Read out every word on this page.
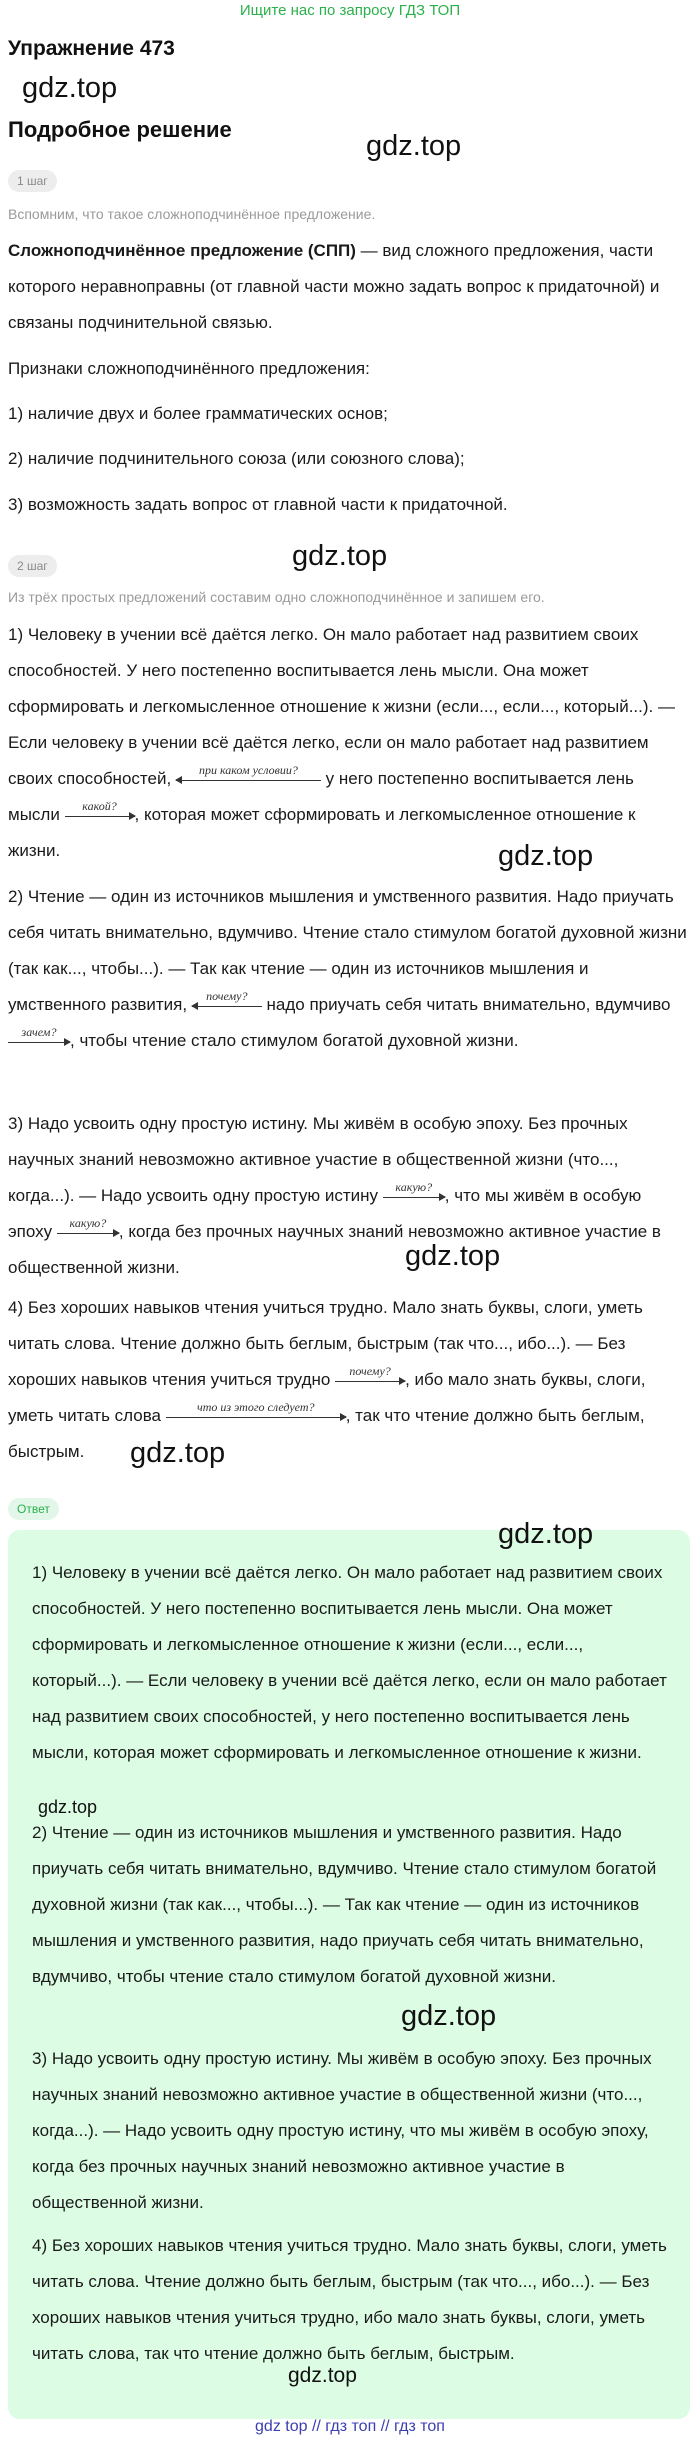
Ищите нас по запросу ГДЗ ТОП
Упражнение 473
gdz.top
Подробное решение
gdz.top
1 шаг
Вспомним, что такое сложноподчинённое предложение.
Сложноподчинённое предложение (СПП) — вид сложного предложения, части которого неравноправны (от главной части можно задать вопрос к придаточной) и связаны подчинительной связью.
Признаки сложноподчинённого предложения:
1) наличие двух и более грамматических основ;
2) наличие подчинительного союза (или союзного слова);
3) возможность задать вопрос от главной части к придаточной.
2 шаг	gdz.top
Из трёх простых предложений составим одно сложноподчинённое и запишем его.
1) Человеку в учении всё даётся легко. Он мало работает над развитием своих способностей. У него постепенно воспитывается лень мысли. Она может сформировать и легкомысленное отношение к жизни (если..., если..., который...). — Если человеку в учении всё даётся легко, если он мало работает над развитием своих способностей,	при каком условии?	у него постепенно воспитывается лень мысли	какой?	, которая может сформировать и легкомысленное отношение к жизни.	gdz.top
2) Чтение — один из источников мышления и умственного развития. Надо приучать себя читать внимательно, вдумчиво. Чтение стало стимулом богатой духовной жизни (так как..., чтобы...). — Так как чтение — один из источников мышления и умственного развития,	почему? надо приучать себя читать внимательно, вдумчиво
зачем? , чтобы чтение стало стимулом богатой духовной жизни.
3) Надо усвоить одну простую истину. Мы живём в особую эпоху. Без прочных научных знаний невозможно активное участие в общественной жизни (что..., когда...). — Надо усвоить одну простую истину	какую? , что мы живём в особую эпоху	какую? , когда без прочных научных знаний невозможно активное участие в общественной жизни.	gdz.top
4) Без хороших навыков чтения учиться трудно. Мало знать буквы, слоги, уметь читать слова. Чтение должно быть беглым, быстрым (так что..., ибо...). — Без хороших навыков чтения учиться трудно	почему? , ибо мало знать буквы, слоги, уметь читать слова	что из этого следует?	, так что чтение должно быть беглым, быстрым.	gdz.top
Ответ
gdz.top
1) Человеку в учении всё даётся легко. Он мало работает над развитием своих способностей. У него постепенно воспитывается лень мысли. Она может сформировать и легкомысленное отношение к жизни (если..., если..., который...). — Если человеку в учении всё даётся легко, если он мало работает над развитием своих способностей, у него постепенно воспитывается лень мысли, которая может сформировать и легкомысленное отношение к жизни.
gdz.top
2) Чтение — один из источников мышления и умственного развития. Надо приучать себя читать внимательно, вдумчиво. Чтение стало стимулом богатой духовной жизни (так как..., чтобы...). — Так как чтение — один из источников мышления и умственного развития, надо приучать себя читать внимательно, вдумчиво, чтобы чтение стало стимулом богатой духовной жизни.
gdz.top
3) Надо усвоить одну простую истину. Мы живём в особую эпоху. Без прочных научных знаний невозможно активное участие в общественной жизни (что..., когда...). — Надо усвоить одну простую истину, что мы живём в особую эпоху, когда без прочных научных знаний невозможно активное участие в общественной жизни.
4) Без хороших навыков чтения учиться трудно. Мало знать буквы, слоги, уметь читать слова. Чтение должно быть беглым, быстрым (так что..., ибо...). — Без хороших навыков чтения учиться трудно, ибо мало знать буквы, слоги, уметь читать слова, так что чтение должно быть беглым, быстрым.
gdz.top
gdz top // гдз топ // гдз топ
